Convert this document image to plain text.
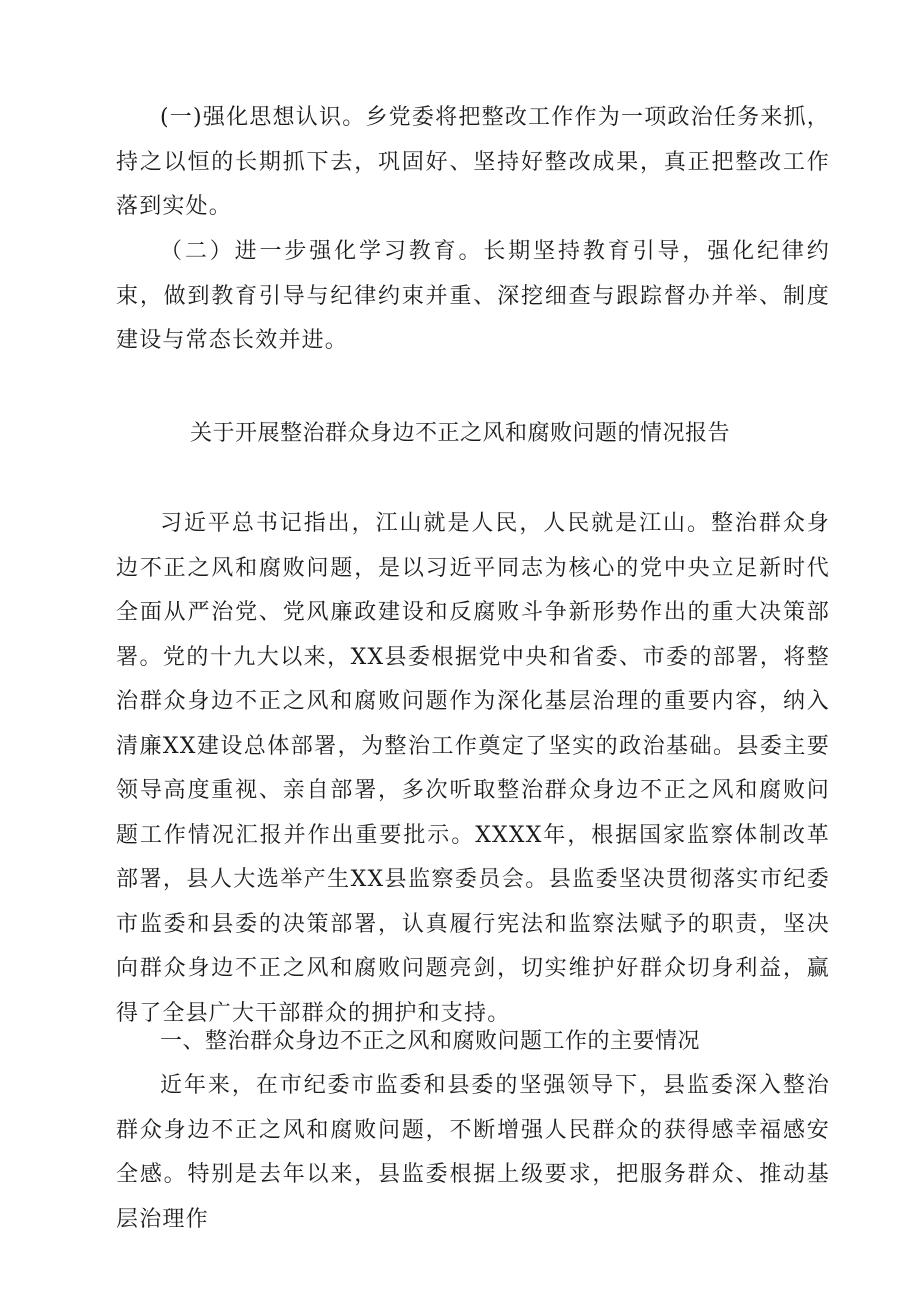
(一)强化思想认识。乡党委将把整改工作作为一项政治任务来抓，持之以恒的长期抓下去，巩固好、坚持好整改成果，真正把整改工作落到实处。

（二）进一步强化学习教育。长期坚持教育引导，强化纪律约束，做到教育引导与纪律约束并重、深挖细查与跟踪督办并举、制度建设与常态长效并进。

关于开展整治群众身边不正之风和腐败问题的情况报告

习近平总书记指出，江山就是人民，人民就是江山。整治群众身边不正之风和腐败问题，是以习近平同志为核心的党中央立足新时代全面从严治党、党风廉政建设和反腐败斗争新形势作出的重大决策部署。党的十九大以来，XX县委根据党中央和省委、市委的部署，将整治群众身边不正之风和腐败问题作为深化基层治理的重要内容，纳入清廉XX建设总体部署，为整治工作奠定了坚实的政治基础。县委主要领导高度重视、亲自部署，多次听取整治群众身边不正之风和腐败问题工作情况汇报并作出重要批示。XXXX年，根据国家监察体制改革部署，县人大选举产生XX县监察委员会。县监委坚决贯彻落实市纪委市监委和县委的决策部署，认真履行宪法和监察法赋予的职责，坚决向群众身边不正之风和腐败问题亮剑，切实维护好群众切身利益，赢得了全县广大干部群众的拥护和支持。

一、整治群众身边不正之风和腐败问题工作的主要情况

近年来，在市纪委市监委和县委的坚强领导下，县监委深入整治群众身边不正之风和腐败问题，不断增强人民群众的获得感幸福感安全感。特别是去年以来，县监委根据上级要求，把服务群众、推动基层治理作
